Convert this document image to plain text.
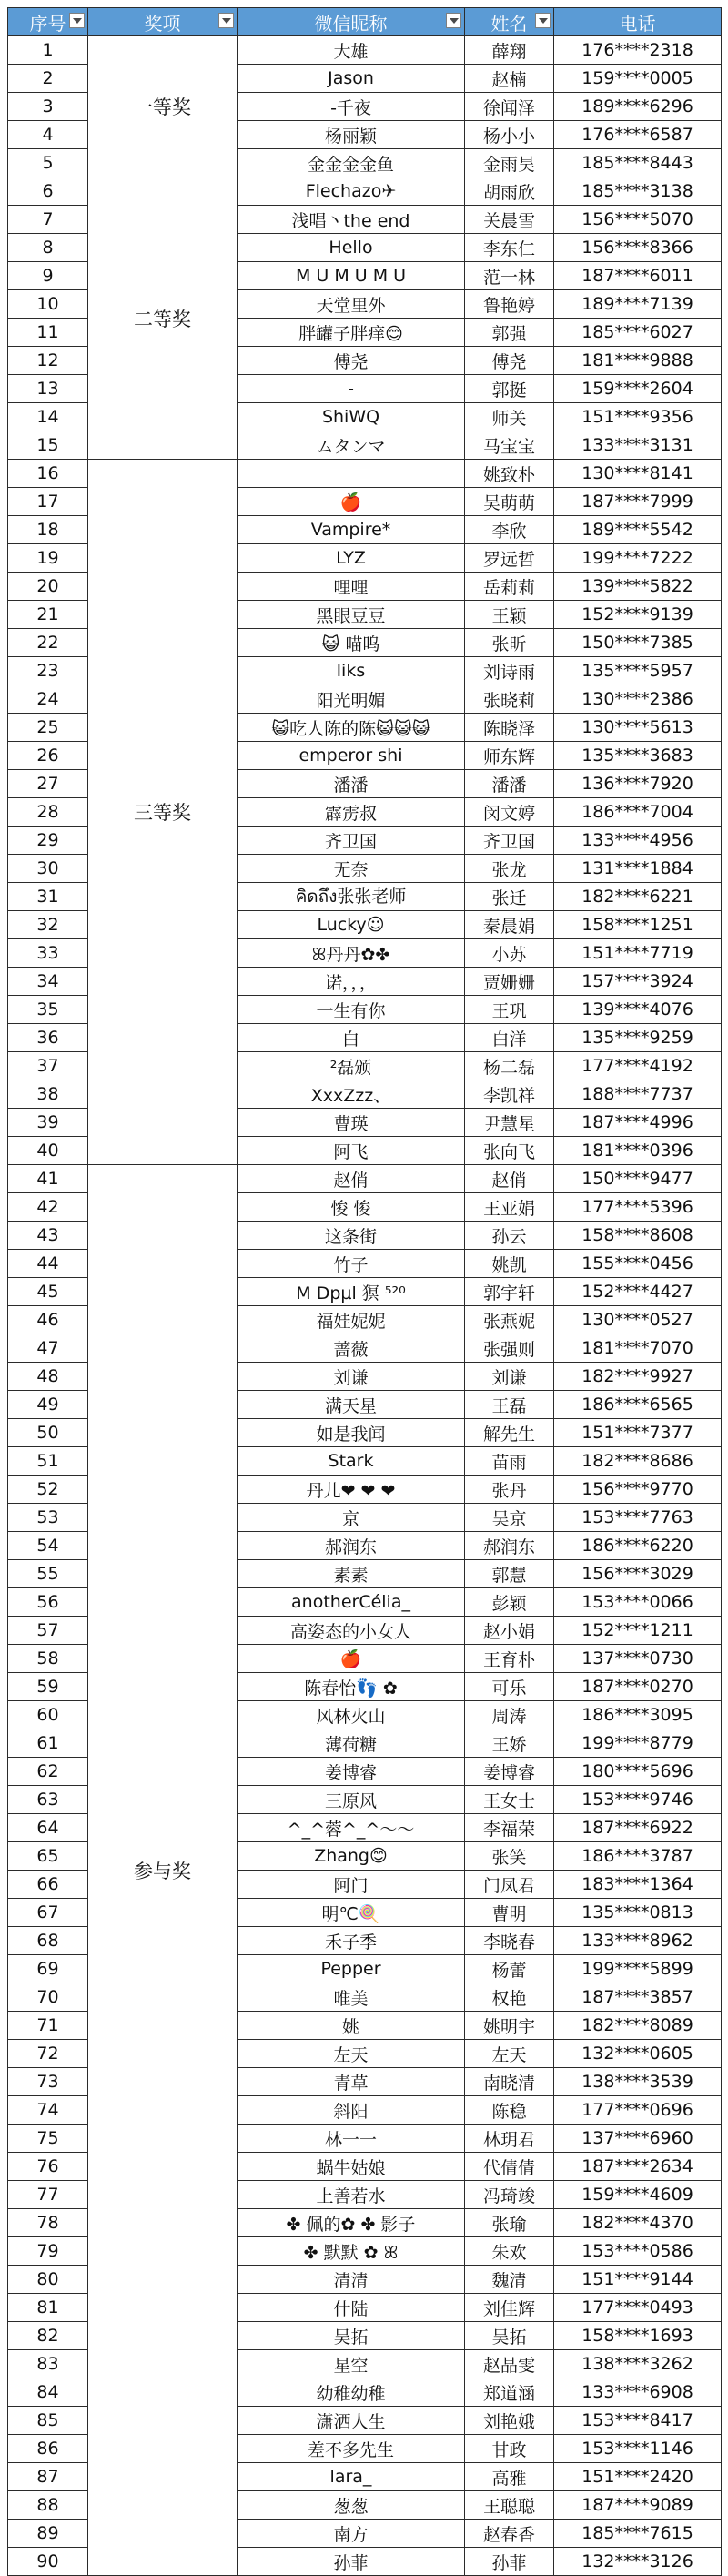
序号	奖项	微信昵称	姓名	电话
1	一等奖	大雄	薛翔	176****2318
2		Jason	赵楠	159****0005
3		-千夜	徐闻泽	189****6296
4		杨丽颖	杨小小	176****6587
5		金金金金鱼	金雨昊	185****8443
6	二等奖	Flechazo✈	胡雨欣	185****3138
7		浅唱丶the end	关晨雪	156****5070
8		Hello	李东仁	156****8366
9		M U M U M U	范一林	187****6011
10		天堂里外	鲁艳婷	189****7139
11		胖罐子胖痒😊	郭强	185****6027
12		傅尧	傅尧	181****9888
13		-	郭挺	159****2604
14		ShiWQ	师关	151****9356
15		ムタンマ	马宝宝	133****3131
16	三等奖		姚致朴	130****8141
17		🍎	吴萌萌	187****7999
18		Vampire*	李欣	189****5542
19		LYZ	罗远哲	199****7222
20		哩哩	岳莉莉	139****5822
21		黑眼豆豆	王颖	152****9139
22		😺 喵呜	张昕	150****7385
23		liks	刘诗雨	135****5957
24		阳光明媚	张晓莉	130****2386
25		😺吃人陈的陈😺😺😺	陈晓泽	130****5613
26		emperor shi	师东辉	135****3683
27		潘潘	潘潘	136****7920
28		霹雳叔	闵文婷	186****7004
29		齐卫国	齐卫国	133****4956
30		无奈	张龙	131****1884
31		คิดถึง张张老师	张迁	182****6221
32		Lucky☺	秦晨娟	158****1251
33		ꕤ丹丹✿✤	小苏	151****7719
34		诺，，，	贾姗姗	157****3924
35		一生有你	王巩	139****4076
36		白	白洋	135****9259
37		²磊颁	杨二磊	177****4192
38		XxxZzz、	李凯祥	188****7737
39		曹瑛	尹慧星	187****4996
40		阿飞	张向飞	181****0396
41	参与奖	赵俏	赵俏	150****9477
42		悛 悛	王亚娟	177****5396
43		这条街	孙云	158****8608
44		竹子	姚凯	155****0456
45		M Dpµl 猽 ⁵²⁰	郭宇轩	152****4427
46		福娃妮妮	张燕妮	130****0527
47		蔷薇	张强则	181****7070
48		刘谦	刘谦	182****9927
49		满天星	王磊	186****6565
50		如是我闻	解先生	151****7377
51		Stark	苗雨	182****8686
52		丹儿❤ ❤ ❤	张丹	156****9770
53		京	吴京	153****7763
54		郝润东	郝润东	186****6220
55		素素	郭慧	156****3029
56		anotherCélia_	彭颖	153****0066
57		高姿态的小女人	赵小娟	152****1211
58		🍎	王育朴	137****0730
59		陈春怡👣 ✿	可乐	187****0270
60		风林火山	周涛	186****3095
61		薄荷糖	王娇	199****8779
62		姜博睿	姜博睿	180****5696
63		三原风	王女士	153****9746
64		^_^蓉^_^～～	李福荣	187****6922
65		Zhang😊	张笑	186****3787
66		阿门	门凤君	183****1364
67		明℃🍭	曹明	135****0813
68		禾子季	李晓春	133****8962
69		Pepper	杨蕾	199****5899
70		唯美	权艳	187****3857
71		姚	姚明宇	182****8089
72		左天	左天	132****0605
73		青草	南晓清	138****3539
74		斜阳	陈稳	177****0696
75		林一一	林玥君	137****6960
76		蜗牛姑娘	代倩倩	187****2634
77		上善若水	冯琦竣	159****4609
78		✤ 佩的✿ ✤ 影子	张瑜	182****4370
79		✤ 默默 ✿ ꕤ	朱欢	153****0586
80		清清	魏清	151****9144
81		什陆	刘佳辉	177****0493
82		吴拓	吴拓	158****1693
83		星空	赵晶雯	138****3262
84		幼稚幼稚	郑道涵	133****6908
85		潇洒人生	刘艳娥	153****8417
86		差不多先生	甘政	153****1146
87		lara_	高雅	151****2420
88		葱葱	王聪聪	187****9089
89		南方	赵春香	185****7615
90		孙菲	孙菲	132****3126
